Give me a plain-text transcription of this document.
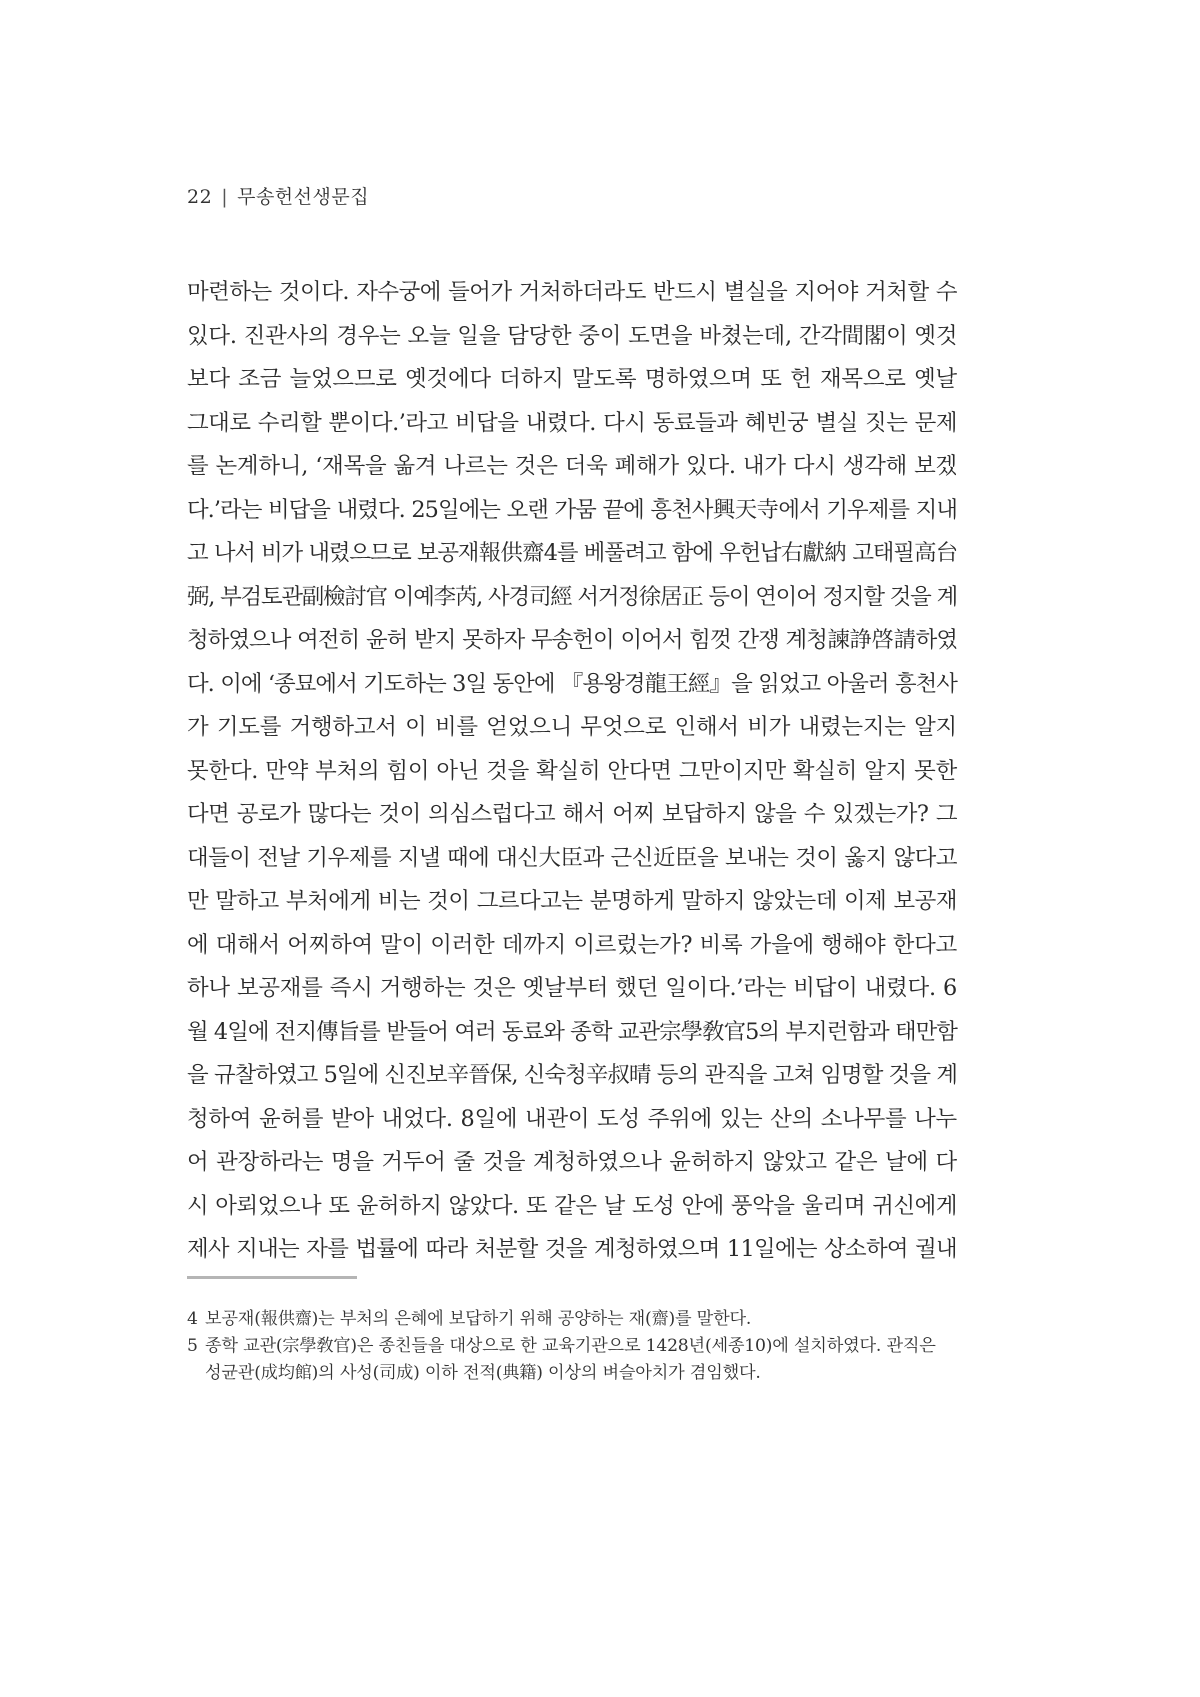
22 | 무송헌선생문집
마련하는 것이다. 자수궁에 들어가 거처하더라도 반드시 별실을 지어야 거처할 수
있다. 진관사의 경우는 오늘 일을 담당한 중이 도면을 바쳤는데, 간각間閣이 옛것
보다 조금 늘었으므로 옛것에다 더하지 말도록 명하였으며 또 헌 재목으로 옛날
그대로 수리할 뿐이다.’라고 비답을 내렸다. 다시 동료들과 혜빈궁 별실 짓는 문제
를 논계하니, ‘재목을 옮겨 나르는 것은 더욱 폐해가 있다. 내가 다시 생각해 보겠
다.’라는 비답을 내렸다. 25일에는 오랜 가뭄 끝에 흥천사興天寺에서 기우제를 지내
고 나서 비가 내렸으므로 보공재報供齋4를 베풀려고 함에 우헌납右獻納 고태필高台
弼, 부검토관副檢討官 이예李芮, 사경司經 서거정徐居正 등이 연이어 정지할 것을 계
청하였으나 여전히 윤허 받지 못하자 무송헌이 이어서 힘껏 간쟁 계청諫諍啓請하였
다. 이에 ‘종묘에서 기도하는 3일 동안에 『용왕경龍王經』을 읽었고 아울러 흥천사
가 기도를 거행하고서 이 비를 얻었으니 무엇으로 인해서 비가 내렸는지는 알지
못한다. 만약 부처의 힘이 아닌 것을 확실히 안다면 그만이지만 확실히 알지 못한
다면 공로가 많다는 것이 의심스럽다고 해서 어찌 보답하지 않을 수 있겠는가? 그
대들이 전날 기우제를 지낼 때에 대신大臣과 근신近臣을 보내는 것이 옳지 않다고
만 말하고 부처에게 비는 것이 그르다고는 분명하게 말하지 않았는데 이제 보공재
에 대해서 어찌하여 말이 이러한 데까지 이르렀는가? 비록 가을에 행해야 한다고
하나 보공재를 즉시 거행하는 것은 옛날부터 했던 일이다.’라는 비답이 내렸다. 6
월 4일에 전지傳旨를 받들어 여러 동료와 종학 교관宗學敎官5의 부지런함과 태만함
을 규찰하였고 5일에 신진보辛晉保, 신숙청辛叔晴 등의 관직을 고쳐 임명할 것을 계
청하여 윤허를 받아 내었다. 8일에 내관이 도성 주위에 있는 산의 소나무를 나누
어 관장하라는 명을 거두어 줄 것을 계청하였으나 윤허하지 않았고 같은 날에 다
시 아뢰었으나 또 윤허하지 않았다. 또 같은 날 도성 안에 풍악을 울리며 귀신에게
제사 지내는 자를 법률에 따라 처분할 것을 계청하였으며 11일에는 상소하여 궐내
4 보공재(報供齋)는 부처의 은혜에 보답하기 위해 공양하는 재(齋)를 말한다.
5 종학 교관(宗學敎官)은 종친들을 대상으로 한 교육기관으로 1428년(세종10)에 설치하였다. 관직은
성균관(成均館)의 사성(司成) 이하 전적(典籍) 이상의 벼슬아치가 겸임했다.
